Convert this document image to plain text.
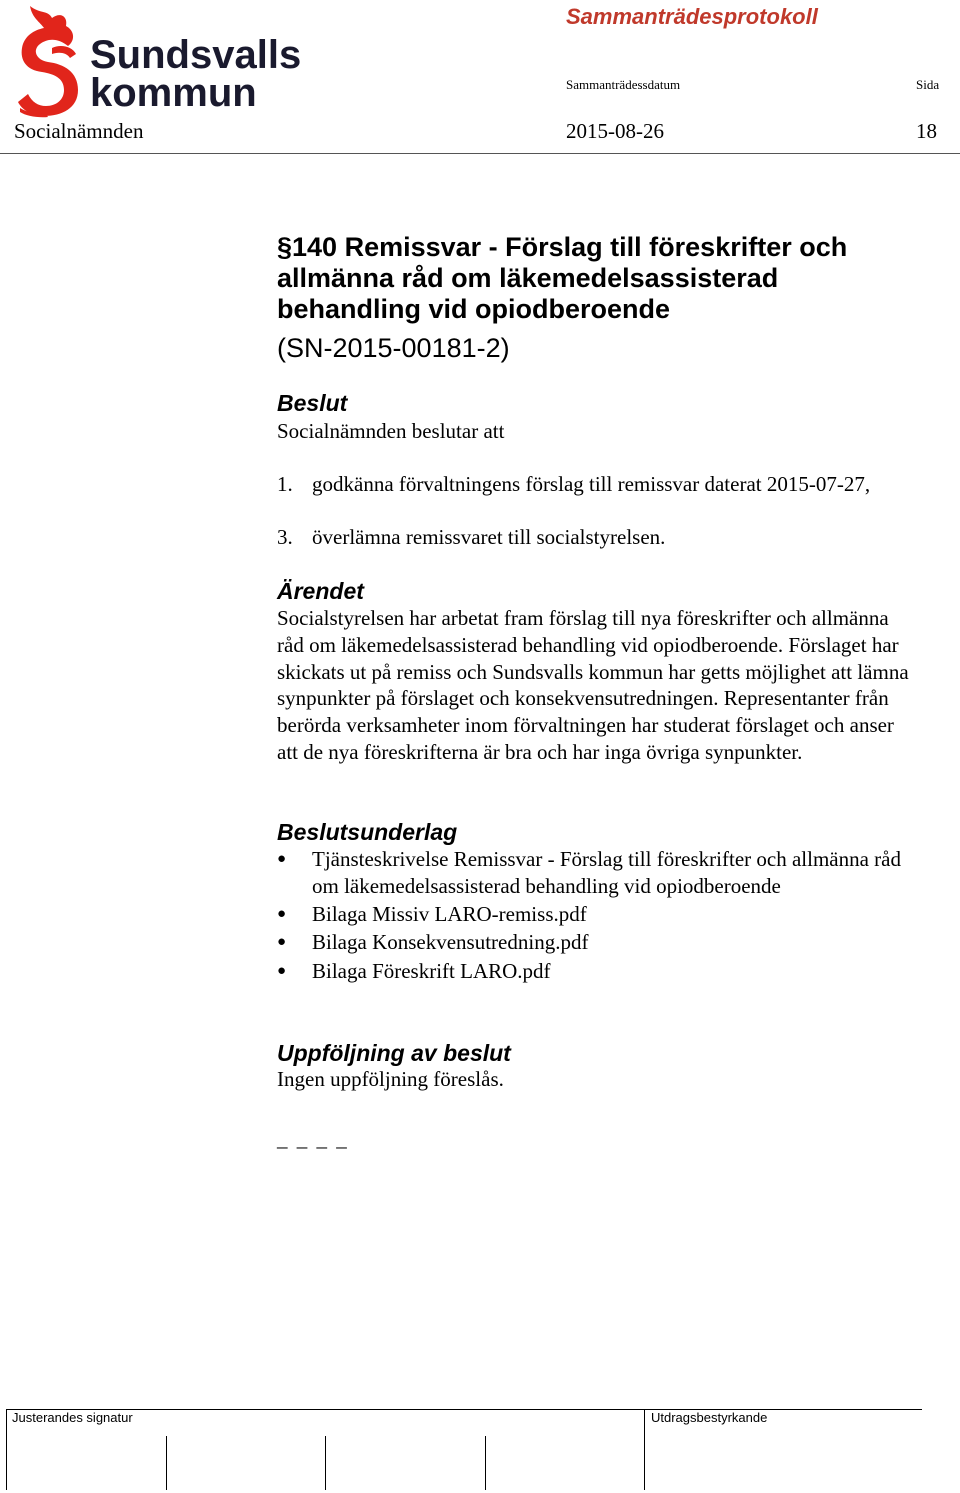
Sundsvalls
kommun
Sammanträdesprotokoll
Sammanträdessdatum	Sida
Socialnämnden	2015-08-26	18
§140 Remissvar - Förslag till föreskrifter och allmänna råd om läkemedelsassisterad behandling vid opiodberoende
(SN-2015-00181-2)
Beslut
Socialnämnden beslutar att
1. godkänna förvaltningens förslag till remissvar daterat 2015-07-27,
3. överlämna remissvaret till socialstyrelsen.
Ärendet
Socialstyrelsen har arbetat fram förslag till nya föreskrifter och allmänna råd om läkemedelsassisterad behandling vid opiodberoende. Förslaget har skickats ut på remiss och Sundsvalls kommun har getts möjlighet att lämna synpunkter på förslaget och konsekvensutredningen. Representanter från berörda verksamheter inom förvaltningen har studerat förslaget och anser att de nya föreskrifterna är bra och har inga övriga synpunkter.
Beslutsunderlag
● Tjänsteskrivelse Remissvar - Förslag till föreskrifter och allmänna råd om läkemedelsassisterad behandling vid opiodberoende
● Bilaga Missiv LARO-remiss.pdf
● Bilaga Konsekvensutredning.pdf
● Bilaga Föreskrift LARO.pdf
Uppföljning av beslut
Ingen uppföljning föreslås.
_ _ _ _
Justerandes signatur	Utdragsbestyrkande
